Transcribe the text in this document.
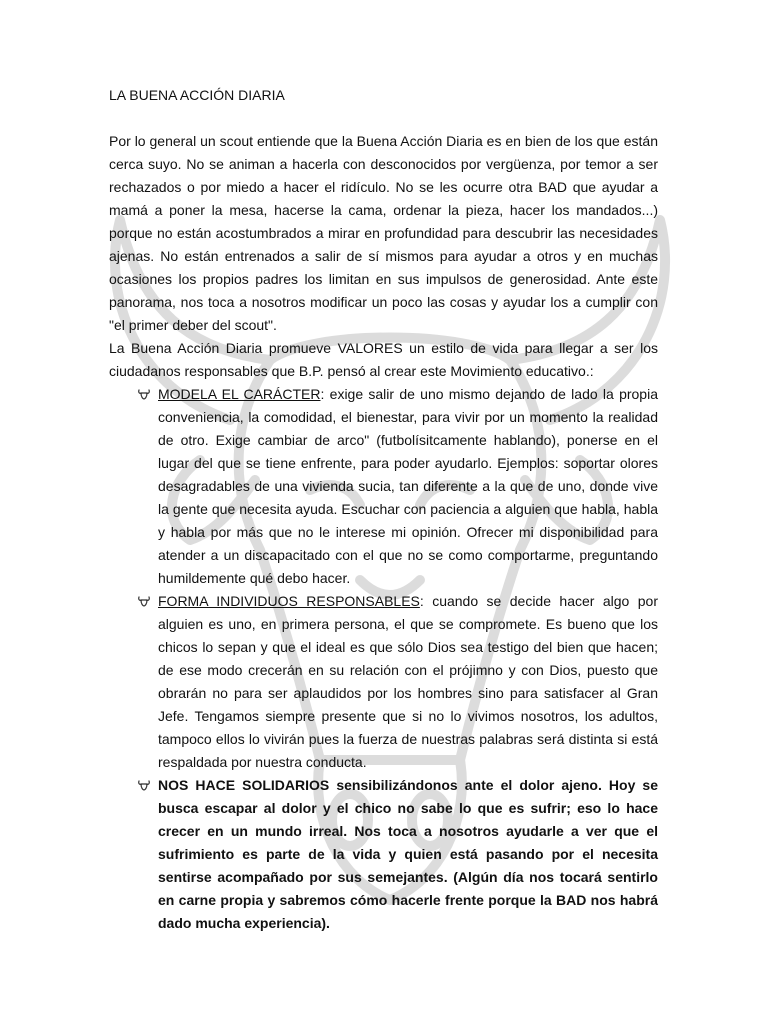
LA BUENA ACCIÓN DIARIA

Por lo general un scout entiende que la Buena Acción Diaria es en bien de los que están cerca suyo. No se animan a hacerla con desconocidos por vergüenza, por temor a ser rechazados o por miedo a hacer el ridículo. No se les ocurre otra BAD que ayudar a mamá a poner la mesa, hacerse la cama, ordenar la pieza, hacer los mandados...) porque no están acostumbrados a mirar en profundidad para descubrir las necesidades ajenas. No están entrenados a salir de sí mismos para ayudar a otros y en muchas ocasiones los propios padres los limitan en sus impulsos de generosidad. Ante este panorama, nos toca a nosotros modificar un poco las cosas y ayudar los a cumplir con "el primer deber del scout".

La Buena Acción Diaria promueve VALORES un estilo de vida para llegar a ser los ciudadanos responsables que B.P. pensó al crear este Movimiento educativo.:

MODELA EL CARÁCTER: exige salir de uno mismo dejando de lado la propia conveniencia, la comodidad, el bienestar, para vivir por un momento la realidad de otro. Exige cambiar de arco" (futbolísitcamente hablando), ponerse en el lugar del que se tiene enfrente, para poder ayudarlo. Ejemplos: soportar olores desagradables de una vivienda sucia, tan diferente a la que de uno, donde vive la gente que necesita ayuda. Escuchar con paciencia a alguien que habla, habla y habla por más que no le interese mi opinión. Ofrecer mi disponibilidad para atender a un discapacitado con el que no se como comportarme, preguntando humildemente qué debo hacer.

FORMA INDIVIDUOS RESPONSABLES: cuando se decide hacer algo por alguien es uno, en primera persona, el que se compromete. Es bueno que los chicos lo sepan y que el ideal es que sólo Dios sea testigo del bien que hacen; de ese modo crecerán en su relación con el prójimno y con Dios, puesto que obrarán no para ser aplaudidos por los hombres sino para satisfacer al Gran Jefe. Tengamos siempre presente que si no lo vivimos nosotros, los adultos, tampoco ellos lo vivirán pues la fuerza de nuestras palabras será distinta si está respaldada por nuestra conducta.

NOS HACE SOLIDARIOS sensibilizándonos ante el dolor ajeno. Hoy se busca escapar al dolor y el chico no sabe lo que es sufrir; eso lo hace crecer en un mundo irreal. Nos toca a nosotros ayudarle a ver que el sufrimiento es parte de la vida y quien está pasando por el necesita sentirse acompañado por sus semejantes. (Algún día nos tocará sentirlo en carne propia y sabremos cómo hacerle frente porque la BAD nos habrá dado mucha experiencia).
